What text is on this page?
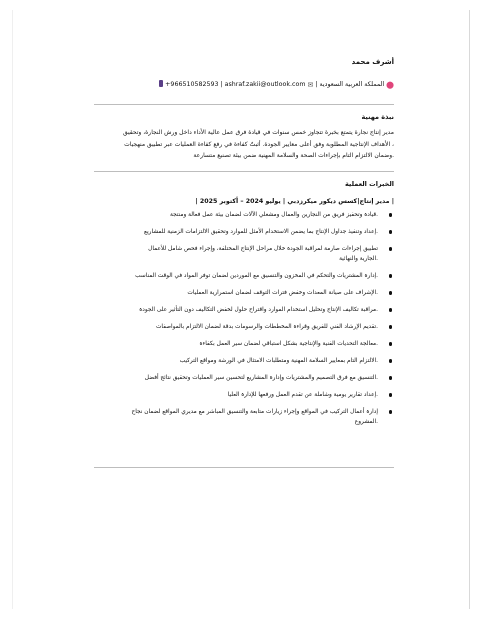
أشرف محمد
⬤ المملكة العربية السعودية | ✉ ashraf.zakii@outlook.com | +966510582593
نبذة مهنية
مدير إنتاج نجارة يتمتع بخبرة تتجاوز خمس سنوات في قيادة فرق عمل عالية الأداء داخل ورش النجارة، وتحقيق
، الأهداف الإنتاجية المطلوبة وفق أعلى معايير الجودة. أثبتّ كفاءة في رفع كفاءة العمليات عبر تطبيق منهجيات
.وضمان الالتزام التام بإجراءات الصحة والسلامة المهنية ضمن بيئة تصنيع متسارعة
الخبرات العملية
| مدير إنتاج|كسس ديكور ميكرزدبي | يوليو 2024 – أكتوبر 2025 |
.قيادة وتحفيز فريق من النجارين والعمال ومشغلي الآلات لضمان بيئة عمل فعالة ومنتجة
.إعداد وتنفيذ جداول الإنتاج بما يضمن الاستخدام الأمثل للموارد وتحقيق الالتزامات الزمنية للمشاريع
تطبيق إجراءات صارمة لمراقبة الجودة خلال مراحل الإنتاج المختلفة، وإجراء فحص شامل للأعمال
.الجارية والنهائية
.إدارة المشتريات والتحكم في المخزون والتنسيق مع الموردين لضمان توفر المواد في الوقت المناسب
.الإشراف على صيانة المعدات وخفض فترات التوقف لضمان استمرارية العمليات
.مراقبة تكاليف الإنتاج وتحليل استخدام الموارد واقتراح حلول لخفض التكاليف دون التأثير على الجودة
.تقديم الإرشاد الفني للفريق وقراءة المخططات والرسومات بدقة لضمان الالتزام بالمواصفات
.معالجة التحديات الفنية والإنتاجية بشكل استباقي لضمان سير العمل بكفاءة
.الالتزام التام بمعايير السلامة المهنية ومتطلبات الامتثال في الورشة ومواقع التركيب
.التنسيق مع فرق التصميم والمشتريات وإدارة المشاريع لتحسين سير العمليات وتحقيق نتائج أفضل
.إعداد تقارير يومية وشاملة عن تقدم العمل ورفعها للإدارة العليا
إدارة أعمال التركيب في المواقع وإجراء زيارات متابعة والتنسيق المباشر مع مديري المواقع لضمان نجاح
.المشروع
